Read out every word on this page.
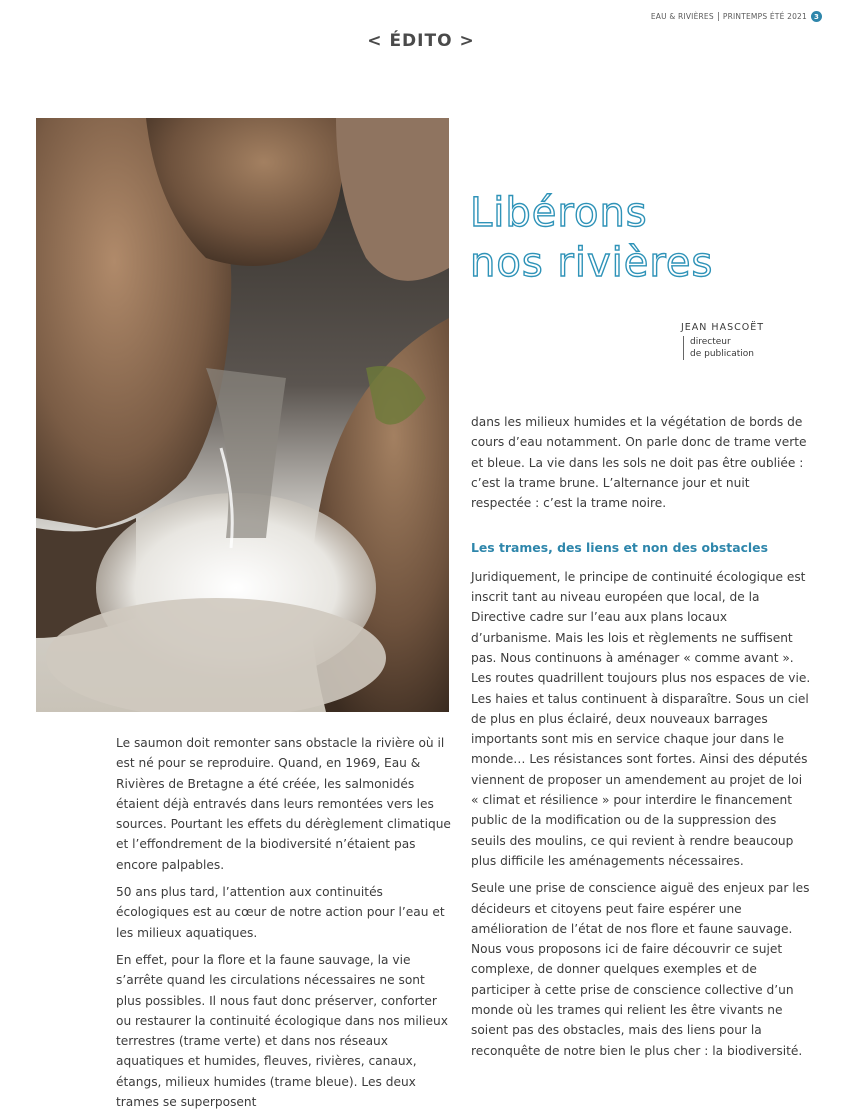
EAU & RIVIÈRES PRINTEMPS ÉTÉ 2021 3
< ÉDITO >
Libérons
nos rivières
JEAN HASCOËT
directeur
de publication

Le saumon doit remonter sans obstacle la rivière où il est né pour se reproduire. Quand, en 1969, Eau & Rivières de Bretagne a été créée, les salmonidés étaient déjà entravés dans leurs remontées vers les sources. Pourtant les effets du dérèglement climatique et l’effondrement de la biodiversité n’étaient pas encore palpables.

50 ans plus tard, l’attention aux continuités écologiques est au cœur de notre action pour l’eau et les milieux aquatiques.

En effet, pour la flore et la faune sauvage, la vie s’arrête quand les circulations nécessaires ne sont plus possibles. Il nous faut donc préserver, conforter ou restaurer la continuité écologique dans nos milieux terrestres (trame verte) et dans nos réseaux aquatiques et humides, fleuves, rivières, canaux, étangs, milieux humides (trame bleue). Les deux trames se superposent

dans les milieux humides et la végétation de bords de cours d’eau notamment. On parle donc de trame verte et bleue. La vie dans les sols ne doit pas être oubliée : c’est la trame brune. L’alternance jour et nuit respectée : c’est la trame noire.

Les trames, des liens et non des obstacles

Juridiquement, le principe de continuité écologique est inscrit tant au niveau européen que local, de la Directive cadre sur l’eau aux plans locaux d’urbanisme. Mais les lois et règlements ne suffisent pas. Nous continuons à aménager « comme avant ». Les routes quadrillent toujours plus nos espaces de vie. Les haies et talus continuent à disparaître. Sous un ciel de plus en plus éclairé, deux nouveaux barrages importants sont mis en service chaque jour dans le monde… Les résistances sont fortes. Ainsi des députés viennent de proposer un amendement au projet de loi « climat et résilience » pour interdire le financement public de la modification ou de la suppression des seuils des moulins, ce qui revient à rendre beaucoup plus difficile les aménagements nécessaires.

Seule une prise de conscience aiguë des enjeux par les décideurs et citoyens peut faire espérer une amélioration de l’état de nos flore et faune sauvage. Nous vous proposons ici de faire découvrir ce sujet complexe, de donner quelques exemples et de participer à cette prise de conscience collective d’un monde où les trames qui relient les être vivants ne soient pas des obstacles, mais des liens pour la reconquête de notre bien le plus cher : la biodiversité.
